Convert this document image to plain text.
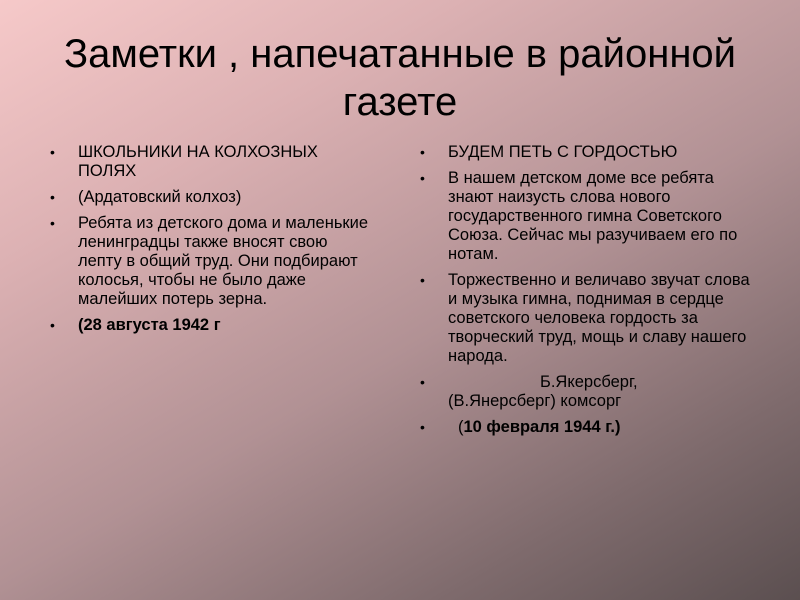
Заметки , напечатанные в районной газете
• ШКОЛЬНИКИ НА КОЛХОЗНЫХ ПОЛЯХ
• (Ардатовский колхоз)
• Ребята из детского дома и маленькие ленинградцы также вносят свою лепту в общий труд. Они подбирают колосья, чтобы не было даже малейших потерь зерна.
• (28 августа 1942 г
• БУДЕМ ПЕТЬ С ГОРДОСТЬЮ
• В нашем детском доме все ребята знают наизусть слова нового государственного гимна Советского Союза. Сейчас мы разучиваем его по нотам.
• Торжественно и величаво звучат слова и музыка гимна, поднимая в сердце советского человека гордость за творческий труд, мощь и славу нашего народа.
•	Б.Якерсберг,
(В.Янерсберг) комсорг
• (10 февраля 1944 г.)
